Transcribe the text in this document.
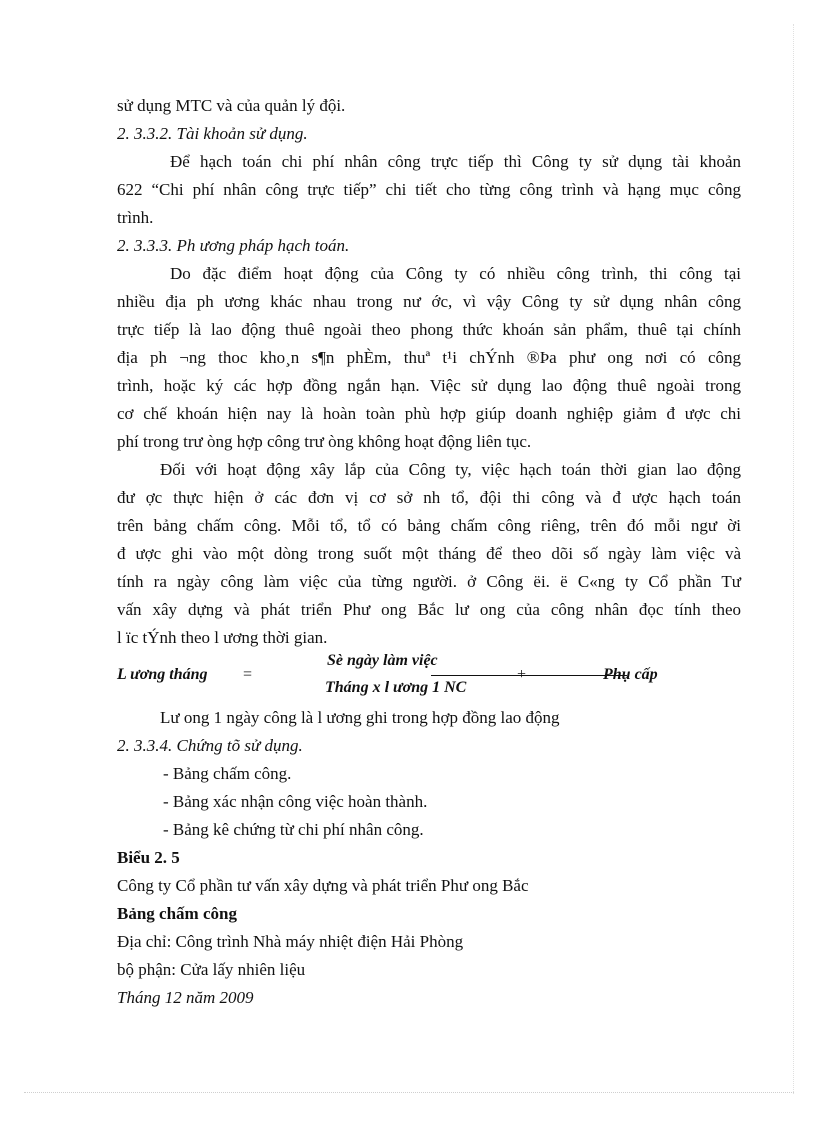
sử dụng MTC và của quản lý đội.

2. 3.3.2. Tài khoản sử dụng.

Để hạch toán chi phí nhân công trực tiếp thì Công ty sử dụng tài khoản

622 “Chi phí nhân công trực tiếp” chi tiết cho từng công trình và hạng mục công

trình.

2. 3.3.3. Ph ương pháp hạch toán.

Do đặc điểm hoạt động của Công ty có nhiều công trình, thi công tại

nhiều địa ph ương khác nhau trong nư ớc, vì vậy Công ty sử dụng nhân công

trực tiếp là lao động thuê ngoài theo phong thức khoán sản phẩm, thuê tại chính

địa ph ¬ng thoc kho¸n s¶n phÈm, thuª t¹i chÝnh ®Þa phư ong nơi có công

trình, hoặc ký các hợp đồng ngắn hạn. Việc sử dụng lao động thuê ngoài trong

cơ chế khoán hiện nay là hoàn toàn phù hợp giúp doanh nghiệp giảm đ ược chi

phí trong trư òng hợp công trư òng không hoạt động liên tục.

Đối với hoạt động xây lắp của Công ty, việc hạch toán thời gian lao động

đư ợc thực hiện ở các đơn vị cơ sở nh tổ, đội thi công và đ ược hạch toán

trên bảng chấm công. Mỗi tổ, tổ có bảng chấm công riêng, trên đó mỗi ngư ời

đ ược ghi vào một dòng trong suốt một tháng để theo dõi số ngày làm việc và

tính ra ngày công làm việc của từng người. ở Công ëi. ë C«ng ty Cổ phần Tư

vấn xây dựng và phát triển Phư ong Bắc lư ong của công nhân đọc tính theo

l ïc tÝnh theo l ương thời gian.

L ương tháng =
Sè ngày làm việc
Tháng x l ương 1 NC
+	Phụ cấp

Lư ong 1 ngày công là l ương ghi trong hợp đồng lao động

2. 3.3.4. Chứng tõ sử dụng.

- Bảng chấm công.

- Bảng xác nhận công việc hoàn thành.

- Bảng kê chứng từ chi phí nhân công.

Biểu 2. 5

Công ty Cổ phần tư vấn xây dựng và phát triển Phư ong Bắc

Bảng chấm công

Địa chỉ: Công trình Nhà máy nhiệt điện Hải Phòng

bộ phận: Cửa lấy nhiên liệu

Tháng 12 năm 2009
